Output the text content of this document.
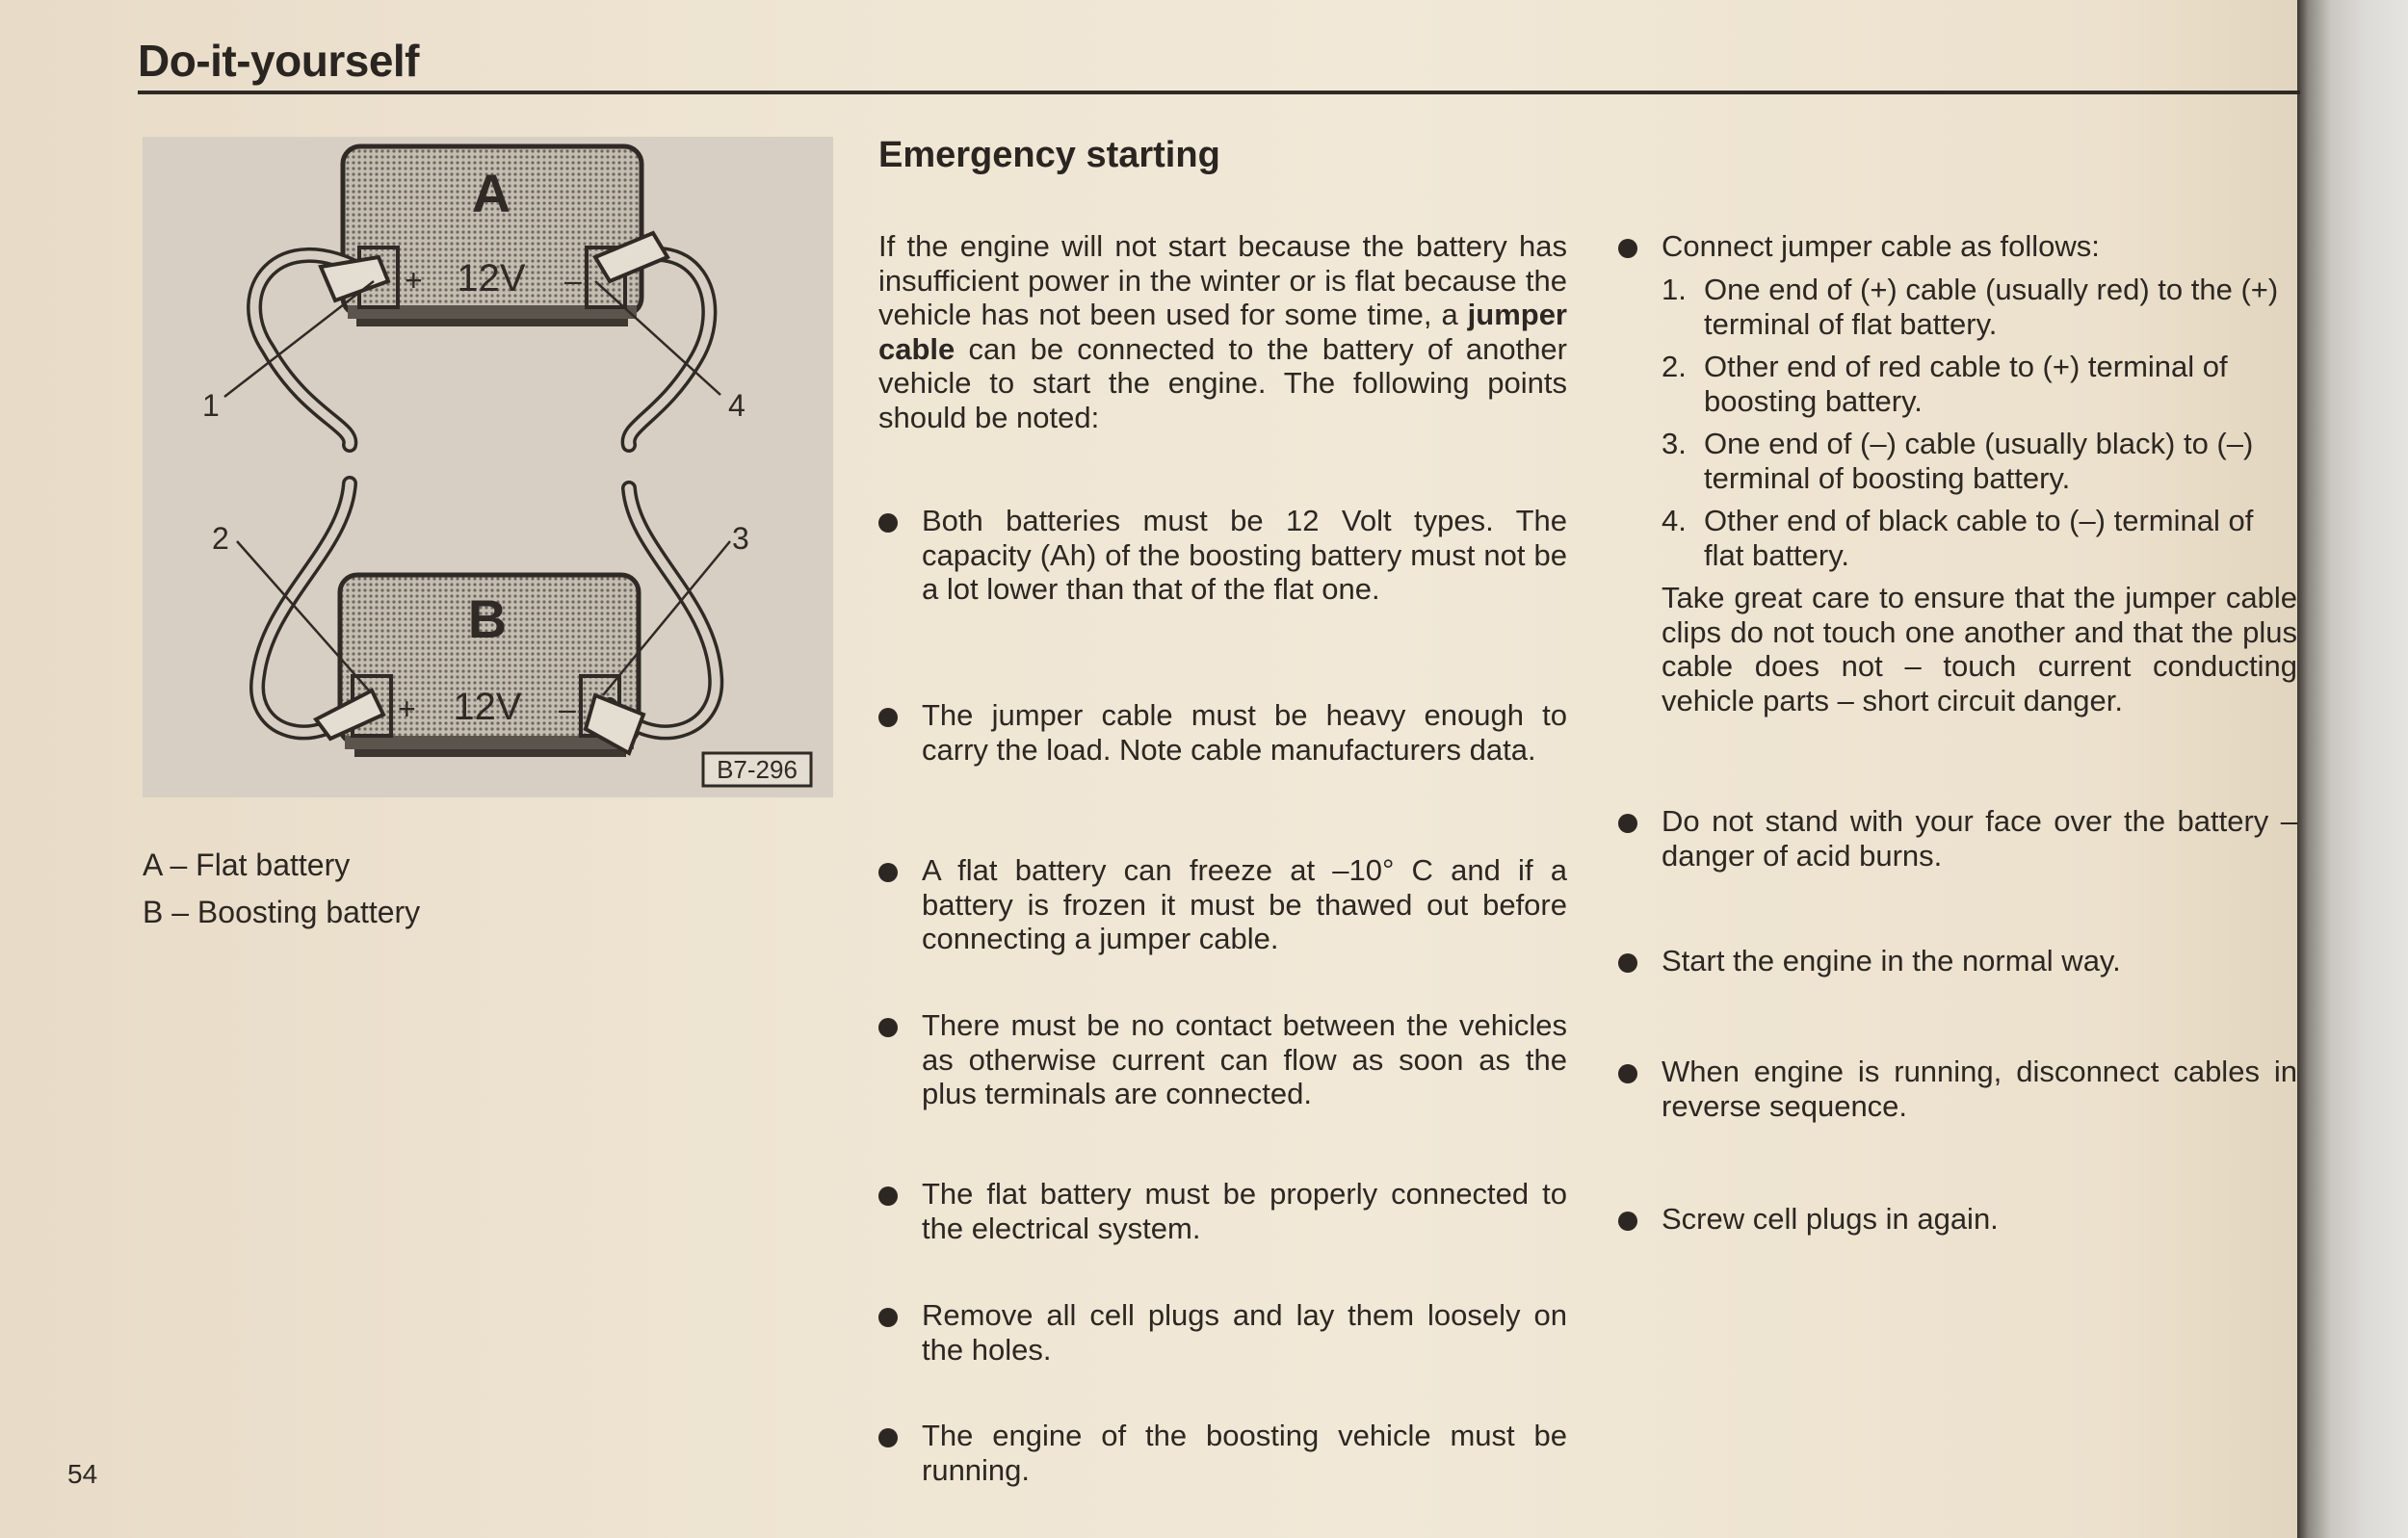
Do-it-yourself
A
12V
+	–
B
12V
+	–
1	4
2	3
B7-296
A – Flat battery
B – Boosting battery
54
Emergency starting

If the engine will not start because the battery has insufficient power in the winter or is flat because the vehicle has not been used for some time, a jumper cable can be connected to the battery of another vehicle to start the engine. The following points should be noted:

Both batteries must be 12 Volt types. The capacity (Ah) of the boosting battery must not be a lot lower than that of the flat one.
The jumper cable must be heavy enough to carry the load. Note cable manufacturers data.
A flat battery can freeze at –10° C and if a battery is frozen it must be thawed out before connecting a jumper cable.
There must be no contact between the vehicles as otherwise current can flow as soon as the plus terminals are connected.
The flat battery must be properly connected to the electrical system.
Remove all cell plugs and lay them loosely on the holes.
The engine of the boosting vehicle must be running.
Connect jumper cable as follows:
1. One end of (+) cable (usually red) to the (+) terminal of flat battery.
2. Other end of red cable to (+) terminal of boosting battery.
3. One end of (–) cable (usually black) to (–) terminal of boosting battery.
4. Other end of black cable to (–) terminal of flat battery.

Take great care to ensure that the jumper cable clips do not touch one another and that the plus cable does not – touch current conducting vehicle parts – short circuit danger.

Do not stand with your face over the battery – danger of acid burns.
Start the engine in the normal way.
When engine is running, disconnect cables in reverse sequence.
Screw cell plugs in again.
